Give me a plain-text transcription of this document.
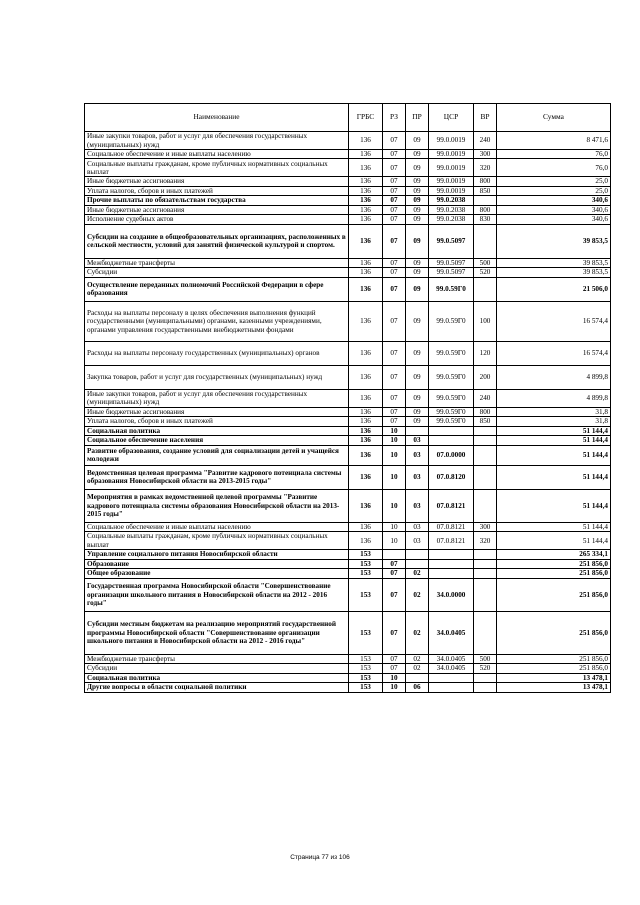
Наименование	ГРБС	РЗ	ПР	ЦСР	ВР	Сумма
Иные закупки товаров, работ и услуг для обеспечения государственных (муниципальных) нужд	136	07	09	99.0.0019	240	8 471,6
Социальное обеспечение и иные выплаты населению	136	07	09	99.0.0019	300	76,0
Социальные выплаты гражданам, кроме публичных нормативных социальных выплат	136	07	09	99.0.0019	320	76,0
Иные бюджетные ассигнования	136	07	09	99.0.0019	800	25,0
Уплата налогов, сборов и иных платежей	136	07	09	99.0.0019	850	25,0
Прочие выплаты по обязательствам государства	136	07	09	99.0.2038		340,6
Иные бюджетные ассигнования	136	07	09	99.0.2038	800	340,6
Исполнение судебных актов	136	07	09	99.0.2038	830	340,6
Субсидии на создание в общеобразовательных организациях, расположенных в сельской местности, условий для занятий физической культурой и спортом.	136	07	09	99.0.5097		39 853,5
Межбюджетные трансферты	136	07	09	99.0.5097	500	39 853,5
Субсидии	136	07	09	99.0.5097	520	39 853,5
Осуществление переданных полномочий Российской Федерации в сфере образования	136	07	09	99.0.59Г0		21 506,0
Расходы на выплаты персоналу в целях обеспечения выполнения функций государственными (муниципальными) органами, казенными учреждениями, органами управления государственными внебюджетными фондами	136	07	09	99.0.59Г0	100	16 574,4
Расходы на выплаты персоналу государственных (муниципальных) органов	136	07	09	99.0.59Г0	120	16 574,4
Закупка товаров, работ и услуг для государственных (муниципальных) нужд	136	07	09	99.0.59Г0	200	4 899,8
Иные закупки товаров, работ и услуг для обеспечения государственных (муниципальных) нужд	136	07	09	99.0.59Г0	240	4 899,8
Иные бюджетные ассигнования	136	07	09	99.0.59Г0	800	31,8
Уплата налогов, сборов и иных платежей	136	07	09	99.0.59Г0	850	31,8
Социальная политика	136	10				51 144,4
Социальное обеспечение населения	136	10	03			51 144,4
Развитие образования, создание условий для социализации детей и учащейся молодежи	136	10	03	07.0.0000		51 144,4
Ведомственная целевая программа "Развитие кадрового потенциала системы образования Новосибирской области на 2013-2015 годы"	136	10	03	07.0.8120		51 144,4
Мероприятия в рамках ведомственной целевой программы "Развитие кадрового потенциала системы образования Новосибирской области на 2013-2015 годы"	136	10	03	07.0.8121		51 144,4
Социальное обеспечение и иные выплаты населению	136	10	03	07.0.8121	300	51 144,4
Социальные выплаты гражданам, кроме публичных нормативных социальных выплат	136	10	03	07.0.8121	320	51 144,4
Управление социального питания Новосибирской области	153					265 334,1
Образование	153	07				251 856,0
Общее образование	153	07	02			251 856,0
Государственная программа Новосибирской области "Совершенствование организации школьного питания в Новосибирской области на 2012 - 2016 годы"	153	07	02	34.0.0000		251 856,0
Субсидии местным бюджетам на реализацию мероприятий государственной программы Новосибирской области "Совершенствование организации школьного питания в Новосибирской области на 2012 - 2016 годы"	153	07	02	34.0.0405		251 856,0
Межбюджетные трансферты	153	07	02	34.0.0405	500	251 856,0
Субсидии	153	07	02	34.0.0405	520	251 856,0
Социальная политика	153	10				13 478,1
Другие вопросы в области социальной политики	153	10	06			13 478,1
Страница 77 из 106
